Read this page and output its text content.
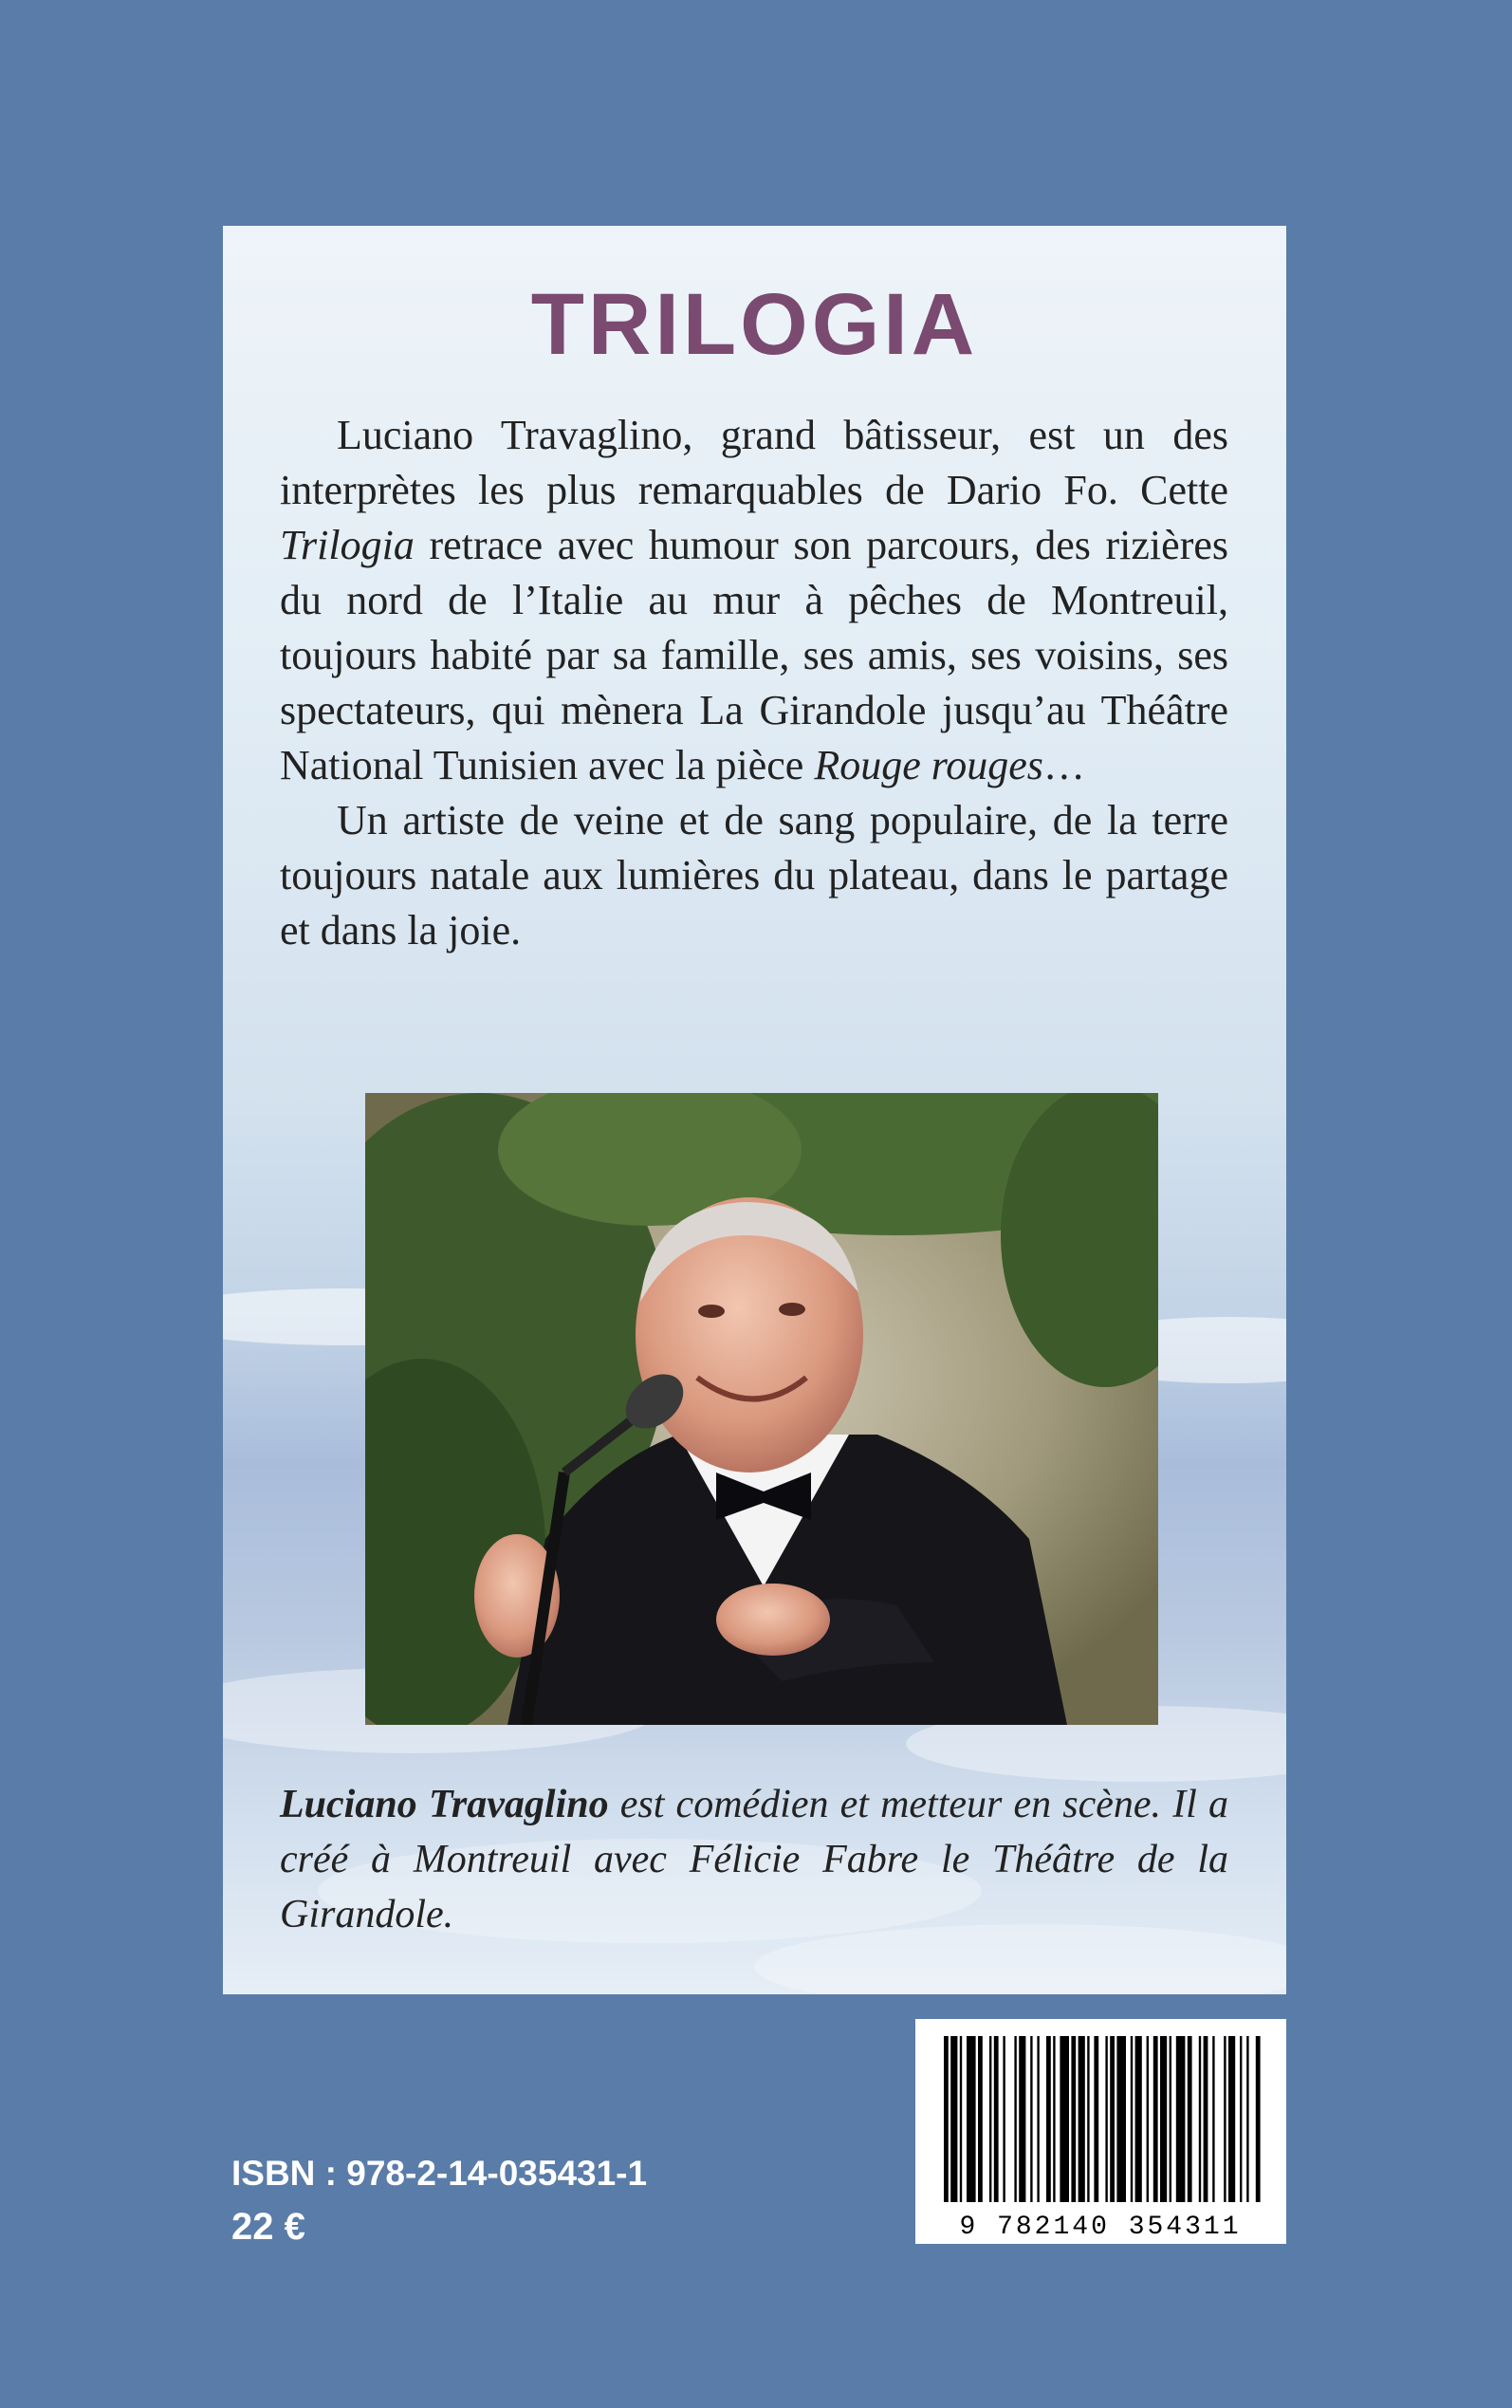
TRILOGIA

Luciano Travaglino, grand bâtisseur, est un des interprètes les plus remarquables de Dario Fo. Cette Trilogia retrace avec humour son parcours, des rizières du nord de l’Italie au mur à pêches de Montreuil, toujours habité par sa famille, ses amis, ses voisins, ses spectateurs, qui mènera La Girandole jusqu’au Théâtre National Tunisien avec la pièce Rouge rouges…

Un artiste de veine et de sang populaire, de la terre toujours natale aux lumières du plateau, dans le partage et dans la joie.

Luciano Travaglino est comédien et metteur en scène. Il a créé à Montreuil avec Félicie Fabre le Théâtre de la Girandole.
9 782140 354311
ISBN : 978-2-14-035431-1
22 €
